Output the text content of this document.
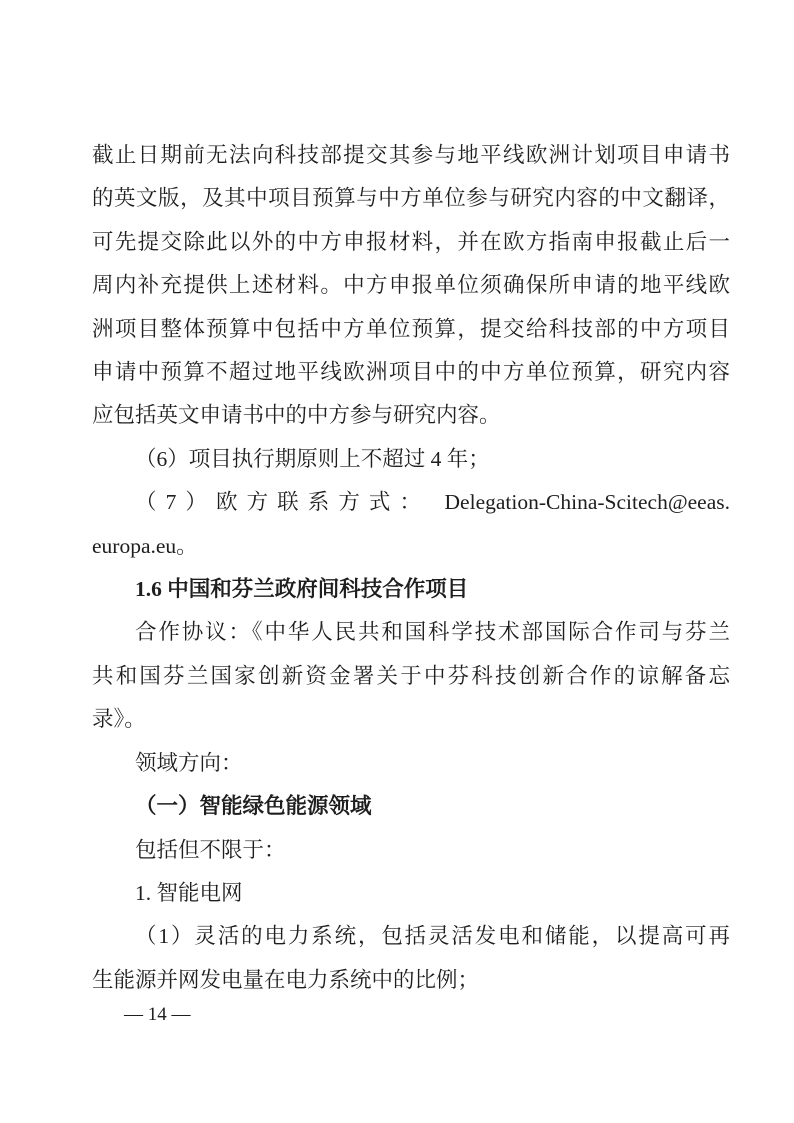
截止日期前无法向科技部提交其参与地平线欧洲计划项目申请书
的英文版，及其中项目预算与中方单位参与研究内容的中文翻译，
可先提交除此以外的中方申报材料，并在欧方指南申报截止后一
周内补充提供上述材料。中方申报单位须确保所申请的地平线欧
洲项目整体预算中包括中方单位预算，提交给科技部的中方项目
申请中预算不超过地平线欧洲项目中的中方单位预算，研究内容
应包括英文申请书中的中方参与研究内容。
（6）项目执行期原则上不超过 4 年；
（7）欧方联系方式： Delegation-China-Scitech@eeas.
europa.eu。
1.6 中国和芬兰政府间科技合作项目
合作协议：《中华人民共和国科学技术部国际合作司与芬兰
共和国芬兰国家创新资金署关于中芬科技创新合作的谅解备忘
录》。
领域方向：
（一）智能绿色能源领域
包括但不限于：
1. 智能电网
（1）灵活的电力系统，包括灵活发电和储能，以提高可再
生能源并网发电量在电力系统中的比例；
— 14 —
